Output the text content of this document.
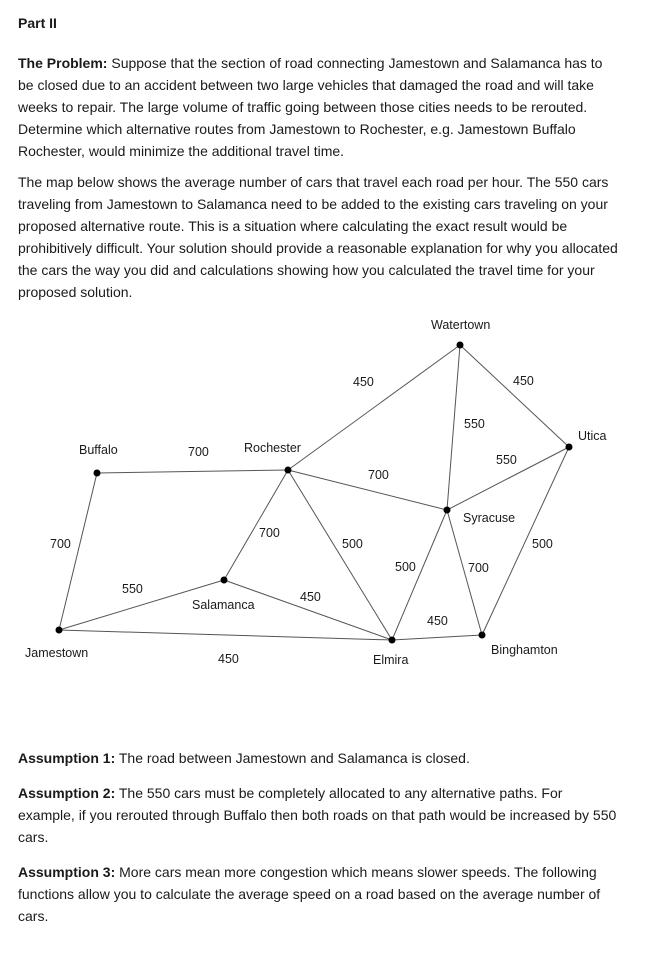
Part II

The Problem: Suppose that the section of road connecting Jamestown and Salamanca has to be closed due to an accident between two large vehicles that damaged the road and will take weeks to repair. The large volume of traffic going between those cities needs to be rerouted. Determine which alternative routes from Jamestown to Rochester, e.g. Jamestown Buffalo Rochester, would minimize the additional travel time.

The map below shows the average number of cars that travel each road per hour. The 550 cars traveling from Jamestown to Salamanca need to be added to the existing cars traveling on your proposed alternative route. This is a situation where calculating the exact result would be prohibitively difficult. Your solution should provide a reasonable explanation for why you allocated the cars the way you did and calculations showing how you calculated the travel time for your proposed solution.

Watertown
Utica
Buffalo	Rochester
Syracuse
Salamanca
Jamestown	Elmira
Binghamton
450	450
550
550
700
700
700
700
500
500	700
500
550
450
450
450

Assumption 1: The road between Jamestown and Salamanca is closed.

Assumption 2: The 550 cars must be completely allocated to any alternative paths. For example, if you rerouted through Buffalo then both roads on that path would be increased by 550 cars.

Assumption 3: More cars mean more congestion which means slower speeds. The following functions allow you to calculate the average speed on a road based on the average number of cars.
